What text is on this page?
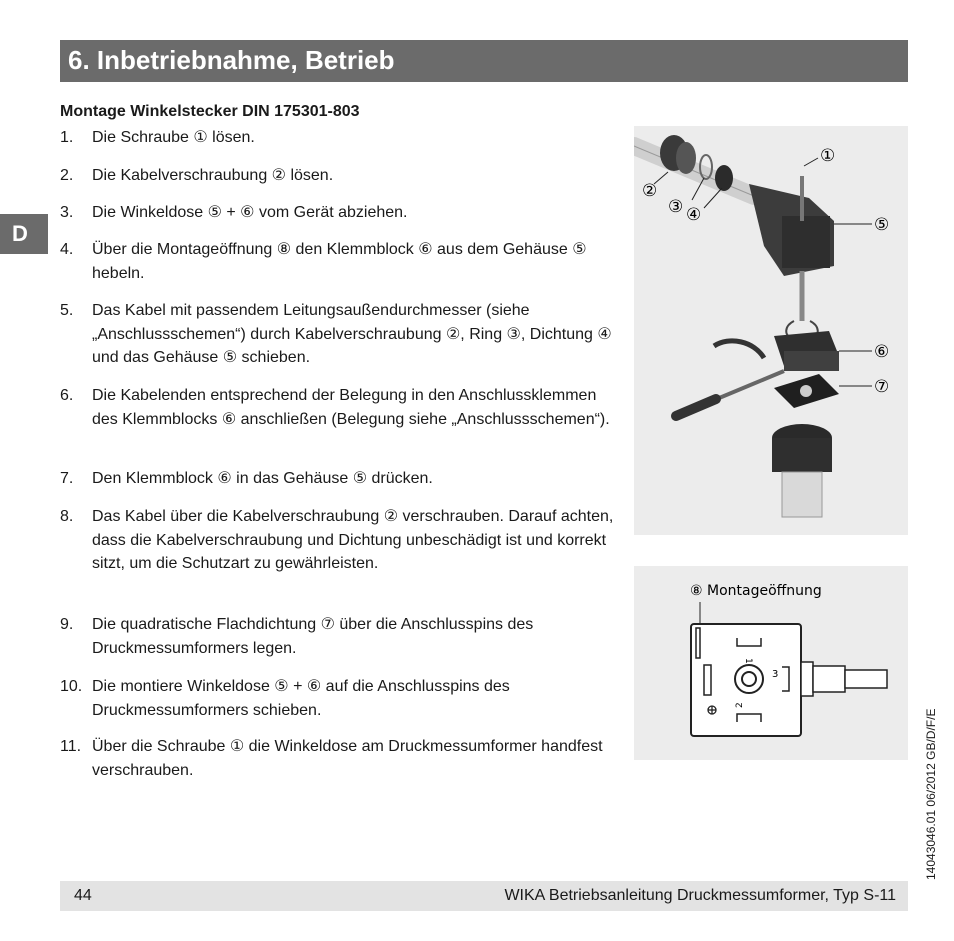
6. Inbetriebnahme, Betrieb
D
Montage Winkelstecker DIN 175301-803
1. Die Schraube ① lösen.
2. Die Kabelverschraubung ② lösen.
3. Die Winkeldose ⑤ + ⑥ vom Gerät abziehen.
4. Über die Montageöffnung ⑧ den Klemmblock ⑥ aus dem Gehäuse ⑤ hebeln.
5. Das Kabel mit passendem Leitungsaußendurchmesser (siehe „Anschlussschemen“) durch Kabelverschraubung ②, Ring ③, Dichtung ④ und das Gehäuse ⑤ schieben.
6. Die Kabelenden entsprechend der Belegung in den Anschlussklemmen des Klemmblocks ⑥ anschließen (Belegung siehe „Anschlussschemen“).
7. Den Klemmblock ⑥ in das Gehäuse ⑤ drücken.
8. Das Kabel über die Kabelverschraubung ② verschrauben. Darauf achten, dass die Kabelverschraubung und Dichtung unbeschädigt ist und korrekt sitzt, um die Schutzart zu gewährleisten.
9. Die quadratische Flachdichtung ⑦ über die Anschlusspins des Druckmessumformers legen.
10. Die montiere Winkeldose ⑤ + ⑥ auf die Anschlusspins des Druckmessumformers schieben.
11. Über die Schraube ① die Winkeldose am Druckmessumformer handfest verschrauben.
①
②
③ ④	⑤
⑥
⑦
⑧ Montageöffnung
1
3
2
14043046.01 06/2012 GB/D/F/E
44	WIKA Betriebsanleitung Druckmessumformer, Typ S-11
